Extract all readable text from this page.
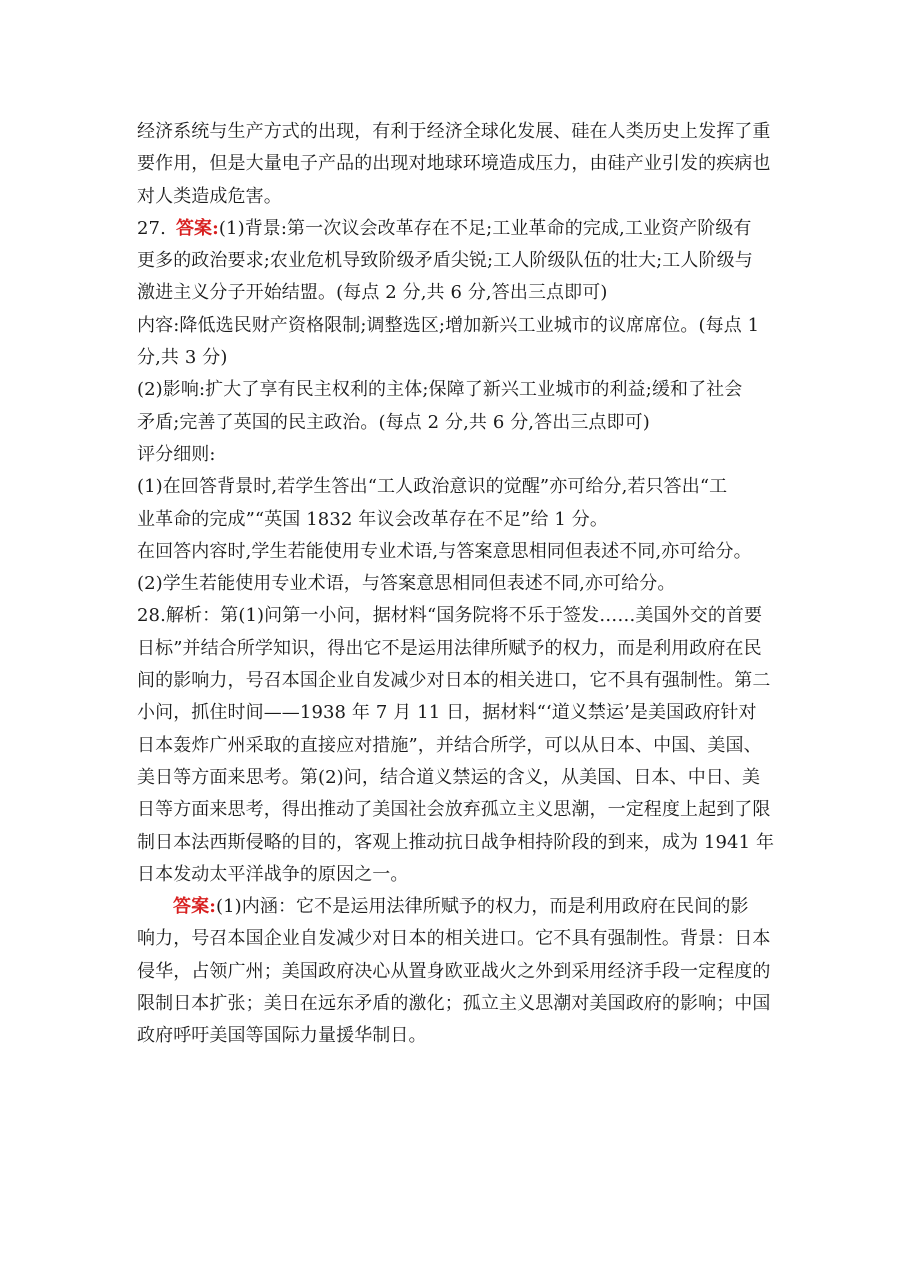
经济系统与生产方式的出现，有利于经济全球化发展、硅在人类历史上发挥了重
要作用，但是大量电子产品的出现对地球环境造成压力，由硅产业引发的疾病也
对人类造成危害。
27. 答案:(1)背景:第一次议会改革存在不足;工业革命的完成,工业资产阶级有
更多的政治要求;农业危机导致阶级矛盾尖锐;工人阶级队伍的壮大;工人阶级与
激进主义分子开始结盟。(每点 2 分,共 6 分,答出三点即可)
内容:降低选民财产资格限制;调整选区;增加新兴工业城市的议席席位。(每点 1
分,共 3 分)
(2)影响:扩大了享有民主权利的主体;保障了新兴工业城市的利益;缓和了社会
矛盾;完善了英国的民主政治。(每点 2 分,共 6 分,答出三点即可)
评分细则:
(1)在回答背景时,若学生答出“工人政治意识的觉醒”亦可给分,若只答出“工
业革命的完成”“英国 1832 年议会改革存在不足”给 1 分。
在回答内容时,学生若能使用专业术语,与答案意思相同但表述不同,亦可给分。
(2)学生若能使用专业术语，与答案意思相同但表述不同,亦可给分。
28.解析：第(1)问第一小问，据材料“国务院将不乐于签发……美国外交的首要
日标”并结合所学知识，得出它不是运用法律所赋予的权力，而是利用政府在民
间的影响力，号召本国企业自发减少对日本的相关进口，它不具有强制性。第二
小问，抓住时间——1938 年 7 月 11 日，据材料“‘道义禁运’是美国政府针对
日本轰炸广州采取的直接应对措施”，并结合所学，可以从日本、中国、美国、
美日等方面来思考。第(2)问，结合道义禁运的含义，从美国、日本、中日、美
日等方面来思考，得出推动了美国社会放弃孤立主义思潮，一定程度上起到了限
制日本法西斯侵略的目的，客观上推动抗日战争相持阶段的到来，成为 1941 年
日本发动太平洋战争的原因之一。
答案:(1)内涵：它不是运用法律所赋予的权力，而是利用政府在民间的影
响力，号召本国企业自发减少对日本的相关进口。它不具有强制性。背景：日本
侵华，占领广州；美国政府决心从置身欧亚战火之外到采用经济手段一定程度的
限制日本扩张；美日在远东矛盾的激化；孤立主义思潮对美国政府的影响；中国
政府呼吁美国等国际力量援华制日。
